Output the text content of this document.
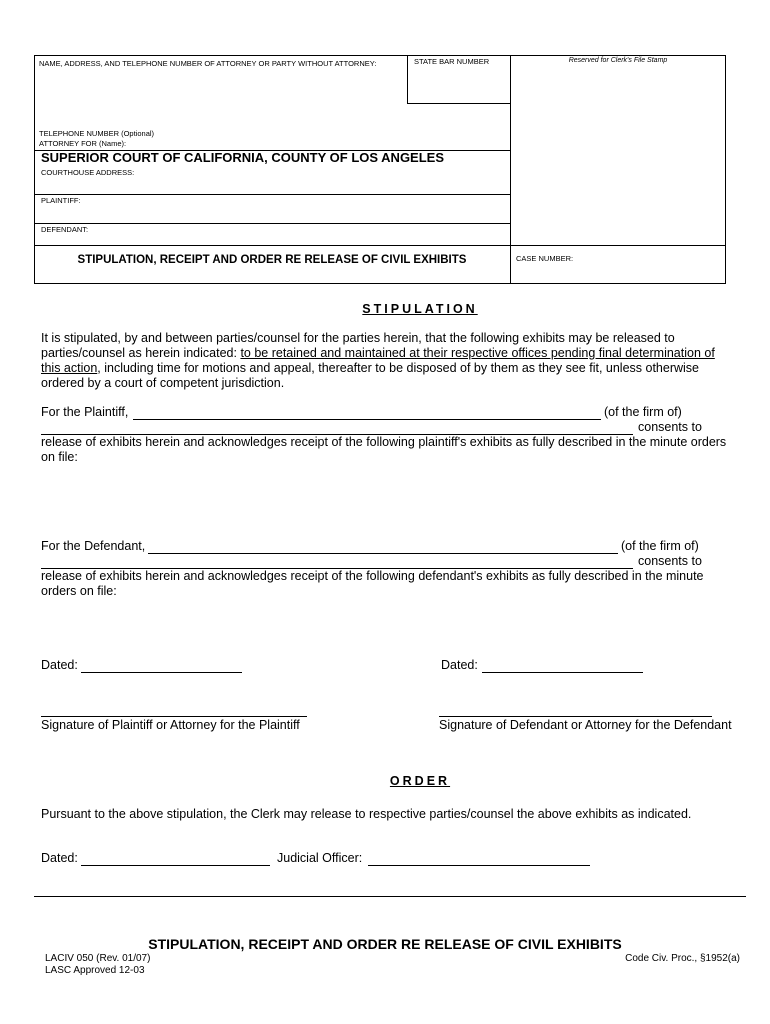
STATE BAR NUMBER	Reserved for Clerk's File Stamp
NAME, ADDRESS, AND TELEPHONE NUMBER OF ATTORNEY OR PARTY WITHOUT ATTORNEY:
TELEPHONE NUMBER (Optional)
ATTORNEY FOR (Name):
SUPERIOR COURT OF CALIFORNIA, COUNTY OF LOS ANGELES
COURTHOUSE ADDRESS:
PLAINTIFF:
DEFENDANT:
STIPULATION, RECEIPT AND ORDER RE RELEASE OF CIVIL EXHIBITS	CASE NUMBER:
STIPULATION
It is stipulated, by and between parties/counsel for the parties herein, that the following exhibits may be released to parties/counsel as herein indicated: to be retained and maintained at their respective offices pending final determination of this action, including time for motions and appeal, thereafter to be disposed of by them as they see fit, unless otherwise ordered by a court of competent jurisdiction.
For the Plaintiff,	(of the firm of)
consents to
release of exhibits herein and acknowledges receipt of the following plaintiff's exhibits as fully described in the minute orders on file:
For the Defendant,	(of the firm of)
consents to
release of exhibits herein and acknowledges receipt of the following defendant's exhibits as fully described in the minute orders on file:
Dated:	Dated:
Signature of Plaintiff or Attorney for the Plaintiff	Signature of Defendant or Attorney for the Defendant
ORDER
Pursuant to the above stipulation, the Clerk may release to respective parties/counsel the above exhibits as indicated.
Dated:	Judicial Officer:
STIPULATION, RECEIPT AND ORDER RE RELEASE OF CIVIL EXHIBITS
LACIV 050 (Rev. 01/07)
LASC Approved 12-03
Code Civ. Proc., §1952(a)
